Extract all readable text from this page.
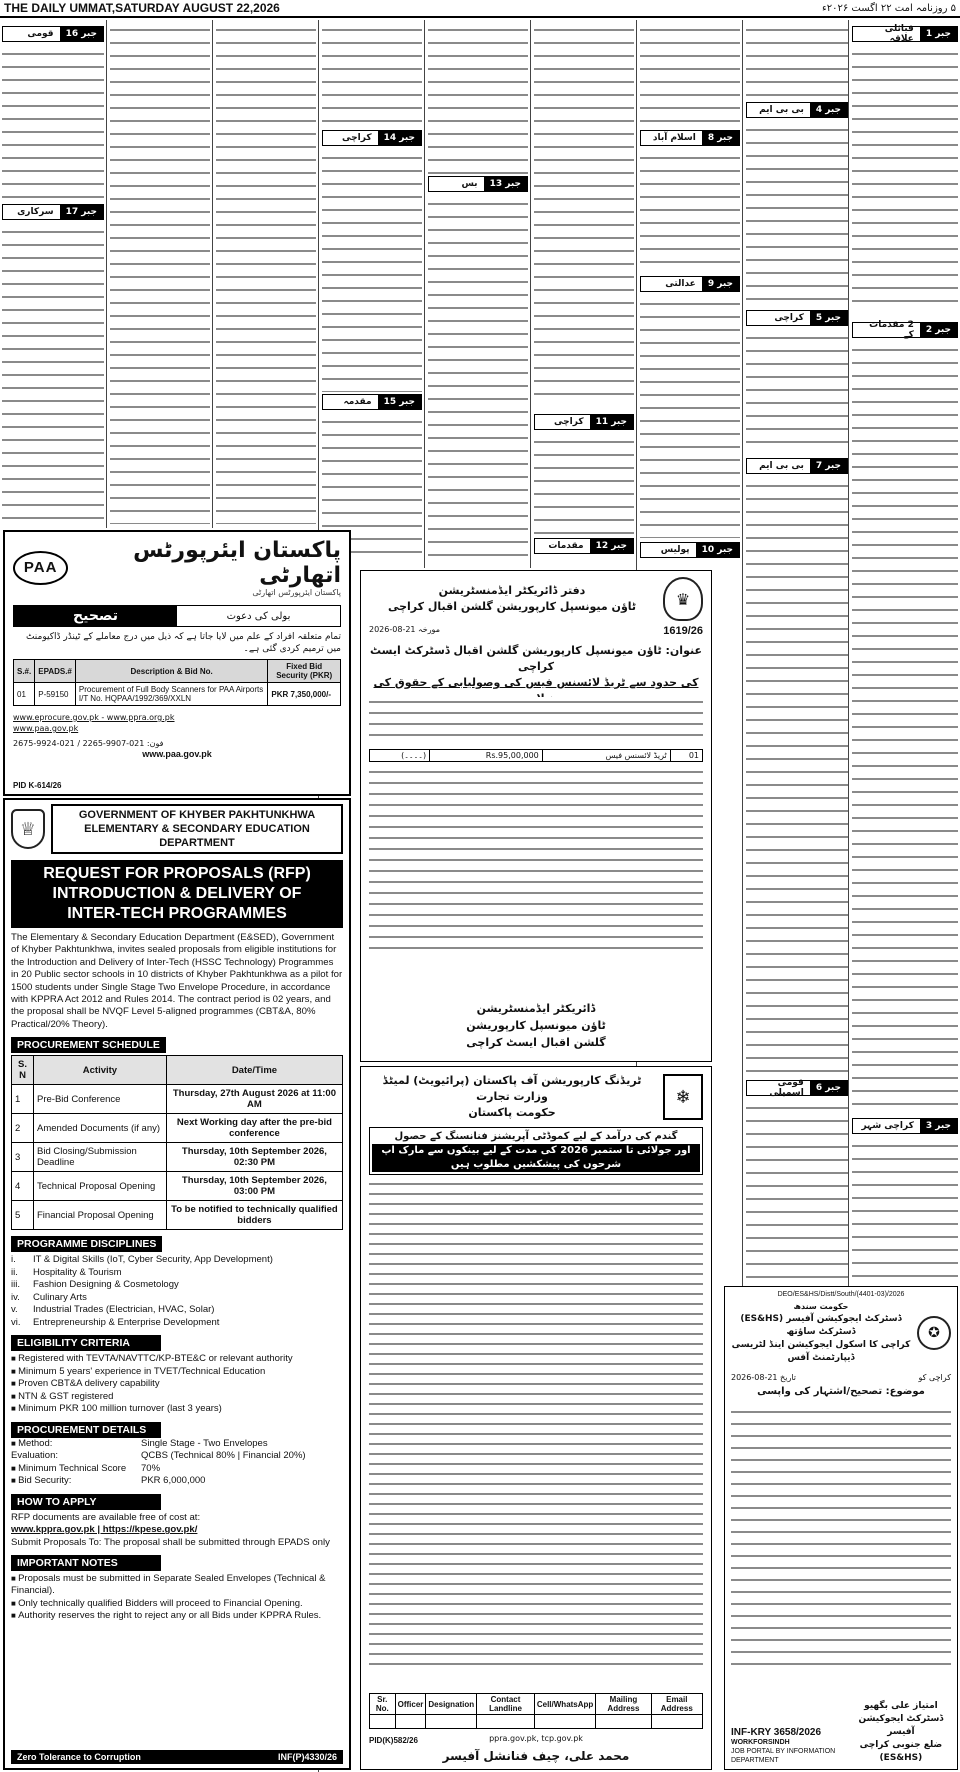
THE DAILY UMMAT,SATURDAY AUGUST 22,2026	۵ روزنامہ امت ۲۲ اگست ۲۰۲۶ء
جبر 1
قبائلی علاقہ
جبر 2
2 مقدمات کے
جبر 3
کراچی شہر
جبر 4
بی بی ایم
جبر 5
کراچی
جبر 7
بی بی ایم
جبر 6
قومی اسمبلی
جبر 8
اسلام آباد
جبر 9
عدالتی
جبر 10
پولیس
جبر 11
کراچی
جبر 12
مقدمات
جبر 13
بس
جبر 14
کراچی
جبر 15
مقدمہ
جبر 16
قومی
جبر 17
سرکاری
پاکستان ایئرپورٹس اتھارٹی
پاکستان ایئرپورٹس اتھارٹی
PAA
تصحیح	بولی کی دعوت
تمام متعلقہ افراد کے علم میں لایا جاتا ہے کہ ذیل میں درج معاملے کے ٹینڈر ڈاکیومنٹ میں ترمیم کردی گئی ہے۔
S.#.	EPADS.#	Description & Bid No.	Fixed Bid Security (PKR)
01	P-59150	Procurement of Full Body Scanners for PAA Airports I/T No. HQPAA/1992/369/XXLN	PKR 7,350,000/-
www.eprocure.gov.pk - www.ppra.org.pk
www.paa.gov.pk
فون: 021-9907-2265 / 021-9924-2675
www.paa.gov.pk
PID K-614/26
♕
GOVERNMENT OF KHYBER PAKHTUNKHWA
ELEMENTARY & SECONDARY EDUCATION DEPARTMENT
REQUEST FOR PROPOSALS (RFP)
INTRODUCTION & DELIVERY OF
INTER-TECH PROGRAMMES
The Elementary & Secondary Education Department (E&SED), Government of Khyber Pakhtunkhwa, invites sealed proposals from eligible institutions for the Introduction and Delivery of Inter-Tech (HSSC Technology) Programmes in 20 Public sector schools in 10 districts of Khyber Pakhtunkhwa as a pilot for 1500 students under Single Stage Two Envelope Procedure, in accordance with KPPRA Act 2012 and Rules 2014. The contract period is 02 years, and the proposal shall be NVQF Level 5-aligned programmes (CBT&A, 80% Practical/20% Theory).
PROCUREMENT SCHEDULE
S. N	Activity	Date/Time
1	Pre-Bid Conference	Thursday, 27th August 2026 at 11:00 AM
2	Amended Documents (if any)	Next Working day after the pre-bid conference
3	Bid Closing/Submission Deadline	Thursday, 10th September 2026, 02:30 PM
4	Technical Proposal Opening	Thursday, 10th September 2026, 03:00 PM
5	Financial Proposal Opening	To be notified to technically qualified bidders
PROGRAMME DISCIPLINES
i. IT & Digital Skills (IoT, Cyber Security, App Development)
ii. Hospitality & Tourism
iii. Fashion Designing & Cosmetology
iv. Culinary Arts
v. Industrial Trades (Electrician, HVAC, Solar)
vi. Entrepreneurship & Enterprise Development
ELIGIBILITY CRITERIA
■ Registered with TEVTA/NAVTTC/KP-BTE&C or relevant authority
■ Minimum 5 years' experience in TVET/Technical Education
■ Proven CBT&A delivery capability
■ NTN & GST registered
■ Minimum PKR 100 million turnover (last 3 years)
PROCUREMENT DETAILS
■ Method:	Single Stage - Two Envelopes
Evaluation:	QCBS (Technical 80% | Financial 20%)
■ Minimum Technical Score	70%
■ Bid Security:	PKR 6,000,000
HOW TO APPLY
RFP documents are available free of cost at:
www.kppra.gov.pk | https://kpese.gov.pk/
Submit Proposals To: The proposal shall be submitted through EPADS only
IMPORTANT NOTES
■ Proposals must be submitted in Separate Sealed Envelopes (Technical & Financial).
■ Only technically qualified Bidders will proceed to Financial Opening.
■ Authority reserves the right to reject any or all Bids under KPPRA Rules.
Zero Tolerance to Corruption	INF(P)4330/26
♛
دفتر ڈائریکٹر ایڈمنسٹریشن
ٹاؤن میونسپل کارپوریشن گلشن اقبال کراچی
1619/26
مورخہ 21-08-2026
عنوان: ٹاؤن میونسپل کارپوریشن گلشن اقبال ڈسٹرکٹ ایسٹ کراچی
کی حدود سے ٹریڈ لائسنس فیس کی وصولیابی کے حقوق کی
01	ٹریڈ لائسنس فیس	Rs.95,00,000	(۔۔۔۔)
ڈائریکٹر ایڈمنسٹریشن
ٹاؤن میونسپل کارپوریشن
گلشن اقبال ایسٹ کراچی
❄
ٹریڈنگ کارپوریشن آف پاکستان (پرائیویٹ) لمیٹڈ
وزارت تجارت
حکومت پاکستان
گندم کی درآمد کے لیے کموڈٹی آپریشنز فنانسنگ کے حصول
اور جولائی تا ستمبر 2026 کی مدت کے لیے بینکوں سے مارک اپ شرحوں کی پیشکشیں مطلوب ہیں
Sr. No.	Officer	Designation	Contact Landline	Cell/WhatsApp	Mailing Address	Email Address

ppra.gov.pk, tcp.gov.pk
PID(K)582/26
محمد علی، چیف فنانشل آفیسر
DEO/ES&HS/Distt/South/(4401-03)/2026
✪
حکومت سندھ
ڈسٹرکٹ ایجوکیشن آفیسر (ES&HS) ڈسٹرکٹ ساؤتھ
کراچی کا اسکول ایجوکیشن اینڈ لٹریسی ڈیپارٹمنٹ آفس
کراچی کو
تاریخ 21-08-2026
موضوع: تصحیح/اشتہار کی واپسی
INF-KRY 3658/2026
WORKFORSINDH
JOB PORTAL BY INFORMATION DEPARTMENT
امتیاز علی بگھیو
ڈسٹرکٹ ایجوکیشن آفیسر
ضلع جنوبی کراچی (ES&HS)
